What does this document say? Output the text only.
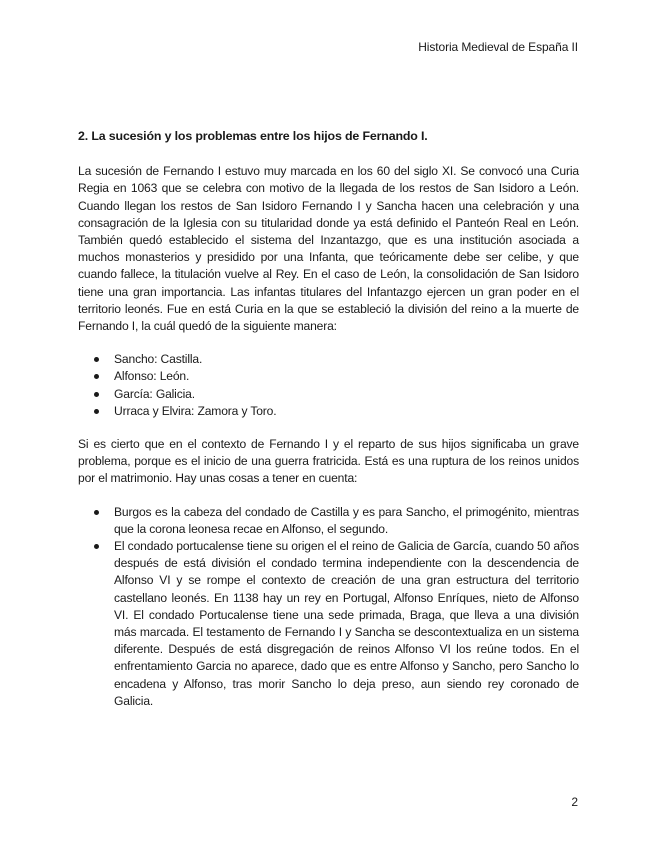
Historia Medieval de España II

2. La sucesión y los problemas entre los hijos de Fernando I.

La sucesión de Fernando I estuvo muy marcada en los 60 del siglo XI. Se convocó una Curia Regia en 1063 que se celebra con motivo de la llegada de los restos de San Isidoro a León. Cuando llegan los restos de San Isidoro Fernando I y Sancha hacen una celebración y una consagración de la Iglesia con su titularidad donde ya está definido el Panteón Real en León. También quedó establecido el sistema del Inzantazgo, que es una institución asociada a muchos monasterios y presidido por una Infanta, que teóricamente debe ser celibe, y que cuando fallece, la titulación vuelve al Rey. En el caso de León, la consolidación de San Isidoro tiene una gran importancia. Las infantas titulares del Infantazgo ejercen un gran poder en el territorio leonés. Fue en está Curia en la que se estableció la división del reino a la muerte de Fernando I, la cuál quedó de la siguiente manera:

Sancho: Castilla.
Alfonso: León.
García: Galicia.
Urraca y Elvira: Zamora y Toro.

Si es cierto que en el contexto de Fernando I y el reparto de sus hijos significaba un grave problema, porque es el inicio de una guerra fratricida. Está es una ruptura de los reinos unidos por el matrimonio. Hay unas cosas a tener en cuenta:

Burgos es la cabeza del condado de Castilla y es para Sancho, el primogénito, mientras que la corona leonesa recae en Alfonso, el segundo.
El condado portucalense tiene su origen el el reino de Galicia de García, cuando 50 años después de está división el condado termina independiente con la descendencia de Alfonso VI y se rompe el contexto de creación de una gran estructura del territorio castellano leonés. En 1138 hay un rey en Portugal, Alfonso Enríques, nieto de Alfonso VI. El condado Portucalense tiene una sede primada, Braga, que lleva a una división más marcada. El testamento de Fernando I y Sancha se descontextualiza en un sistema diferente. Después de está disgregación de reinos Alfonso VI los reúne todos. En el enfrentamiento Garcia no aparece, dado que es entre Alfonso y Sancho, pero Sancho lo encadena y Alfonso, tras morir Sancho lo deja preso, aun siendo rey coronado de Galicia.
2
